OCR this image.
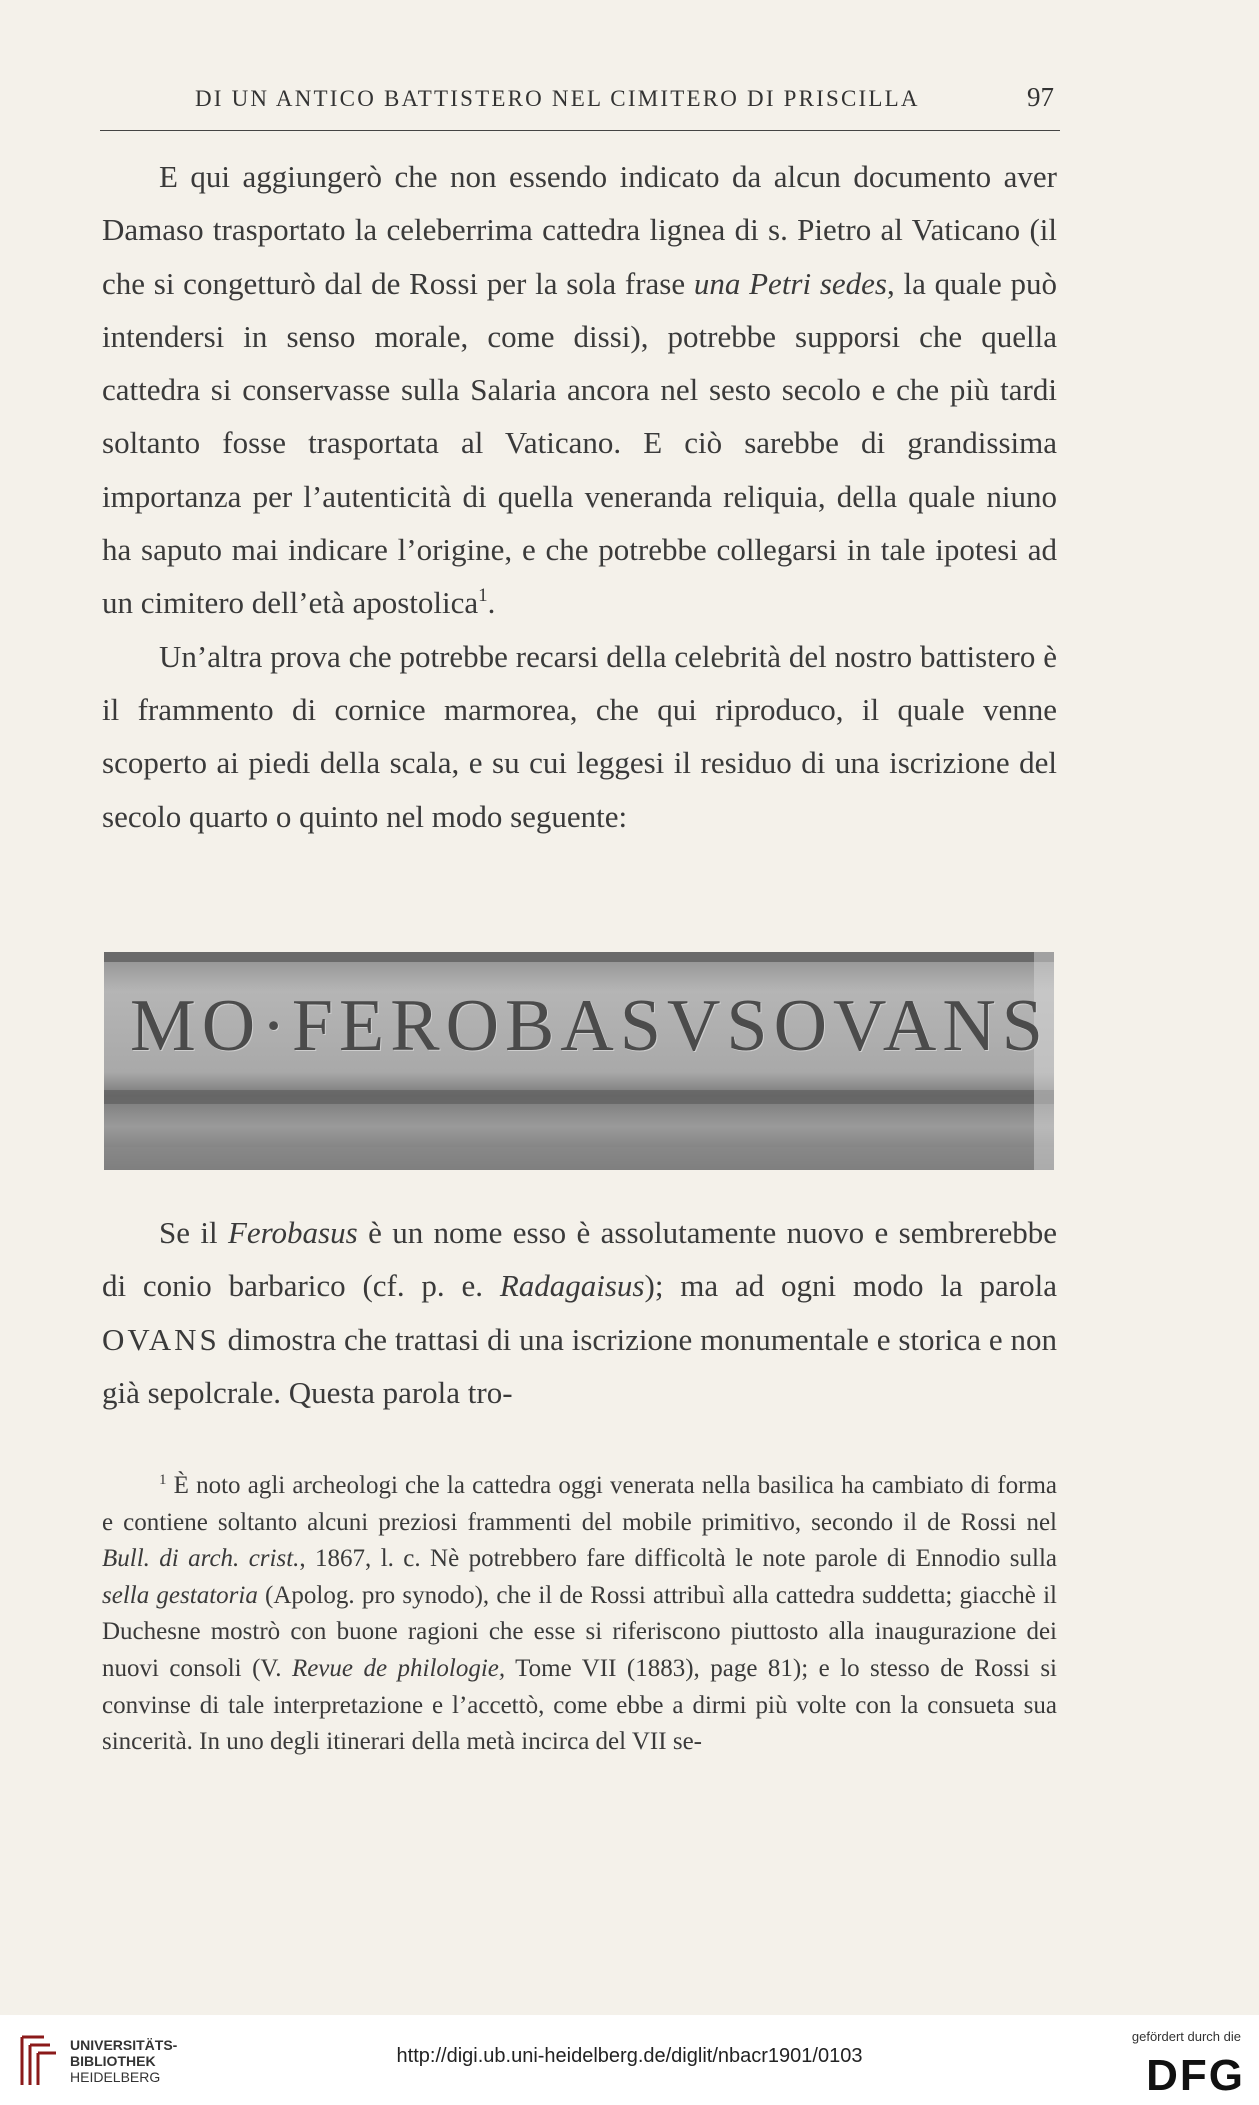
DI UN ANTICO BATTISTERO NEL CIMITERO DI PRISCILLA	97

E qui aggiungerò che non essendo indicato da alcun documento aver Damaso trasportato la celeberrima cattedra lignea di s. Pietro al Vaticano (il che si congetturò dal de Rossi per la sola frase una Petri sedes, la quale può intendersi in senso morale, come dissi), potrebbe supporsi che quella cattedra si conservasse sulla Salaria ancora nel sesto secolo e che più tardi soltanto fosse trasportata al Vaticano. E ciò sarebbe di grandissima importanza per l’autenticità di quella veneranda reliquia, della quale niuno ha saputo mai indicare l’origine, e che potrebbe collegarsi in tale ipotesi ad un cimitero dell’età apostolica$^1$.

Un’altra prova che potrebbe recarsi della celebrità del nostro battistero è il frammento di cornice marmorea, che qui riproduco, il quale venne scoperto ai piedi della scala, e su cui leggesi il residuo di una iscrizione del secolo quarto o quinto nel modo seguente:

MO·FEROBASVSOVANS

Se il Ferobasus è un nome esso è assolutamente nuovo e sembrerebbe di conio barbarico (cf. p. e. Radagaisus); ma ad ogni modo la parola OVANS dimostra che trattasi di una iscrizione monumentale e storica e non già sepolcrale. Questa parola tro-

$^1$ È noto agli archeologi che la cattedra oggi venerata nella basilica ha cambiato di forma e contiene soltanto alcuni preziosi frammenti del mobile primitivo, secondo il de Rossi nel Bull. di arch. crist., 1867, l. c. Nè potrebbero fare difficoltà le note parole di Ennodio sulla sella gestatoria (Apolog. pro synodo), che il de Rossi attribuì alla cattedra suddetta; giacchè il Duchesne mostrò con buone ragioni che esse si riferiscono piuttosto alla inaugurazione dei nuovi consoli (V. Revue de philologie, Tome VII (1883), page 81); e lo stesso de Rossi si convinse di tale interpretazione e l’accettò, come ebbe a dirmi più volte con la consueta sua sincerità. In uno degli itinerari della metà incirca del VII se-

UNIVERSITÄTS-
BIBLIOTHEK
HEIDELBERG
http://digi.ub.uni-heidelberg.de/diglit/nbacr1901/0103
gefördert durch die
DFG
